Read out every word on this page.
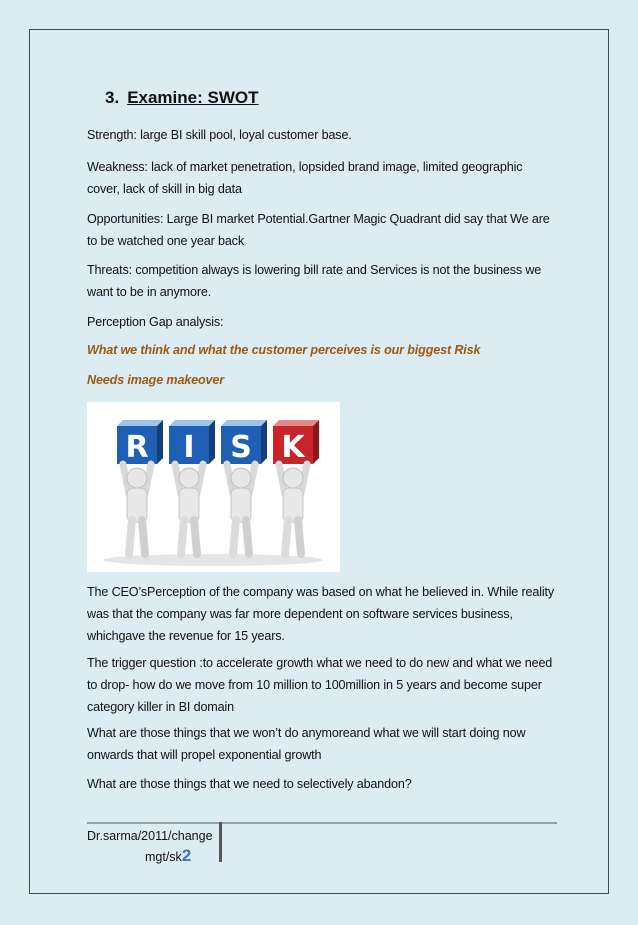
3. Examine: SWOT
Strength: large BI skill pool, loyal customer base.
Weakness: lack of market penetration, lopsided brand image, limited geographic cover, lack of skill in big data
Opportunities: Large BI market Potential.Gartner Magic Quadrant did say that We are to be watched one year back
Threats: competition always is lowering bill rate and Services is not the business we want to be in anymore.
Perception Gap analysis:
What we think and what the customer perceives is our biggest Risk
Needs image makeover
R I S K
The CEO’sPerception of the company was based on what he believed in. While reality was that the company was far more dependent on software services business, whichgave the revenue for 15 years.
The trigger question :to accelerate growth what we need to do new and what we need to drop- how do we move from 10 million to 100million in 5 years and become super category killer in BI domain
What are those things that we won’t do anymoreand what we will start doing now onwards that will propel exponential growth
What are those things that we need to selectively abandon?
Dr.sarma/2011/change
mgt/sk2
